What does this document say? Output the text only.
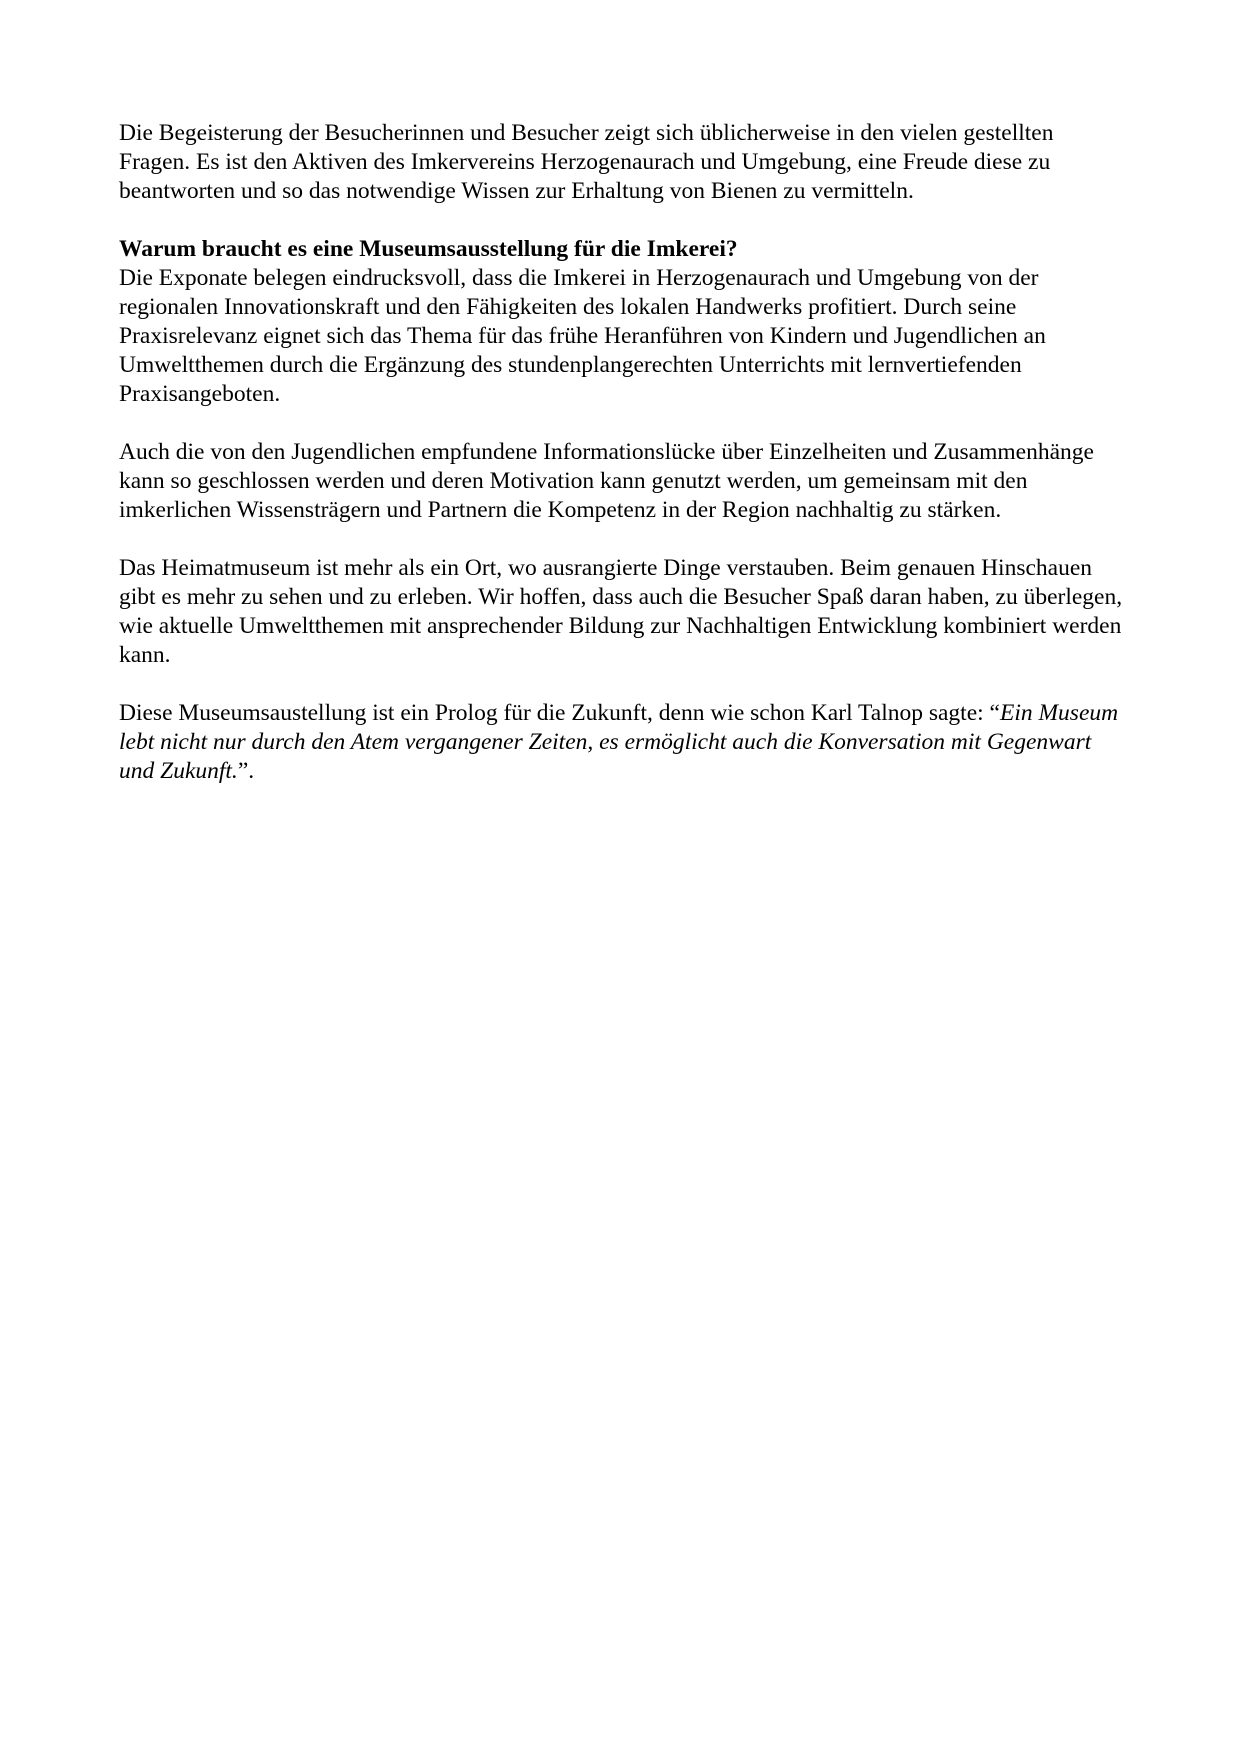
Die Begeisterung der Besucherinnen und Besucher zeigt sich üblicherweise in den vielen gestellten Fragen. Es ist den Aktiven des Imkervereins Herzogenaurach und Umgebung, eine Freude diese zu beantworten und so das notwendige Wissen zur Erhaltung von Bienen zu vermitteln.

Warum braucht es eine Museumsausstellung für die Imkerei?

Die Exponate belegen eindrucksvoll, dass die Imkerei in Herzogenaurach und Umgebung von der regionalen Innovationskraft und den Fähigkeiten des lokalen Handwerks profitiert. Durch seine Praxisrelevanz eignet sich das Thema für das frühe Heranführen von Kindern und Jugendlichen an Umweltthemen durch die Ergänzung des stundenplangerechten Unterrichts mit lernvertiefenden Praxisangeboten.

Auch die von den Jugendlichen empfundene Informationslücke über Einzelheiten und Zusammenhänge kann so geschlossen werden und deren Motivation kann genutzt werden, um gemeinsam mit den imkerlichen Wissensträgern und Partnern die Kompetenz in der Region nachhaltig zu stärken.

Das Heimatmuseum ist mehr als ein Ort, wo ausrangierte Dinge verstauben. Beim genauen Hinschauen gibt es mehr zu sehen und zu erleben. Wir hoffen, dass auch die Besucher Spaß daran haben, zu überlegen, wie aktuelle Umweltthemen mit ansprechender Bildung zur Nachhaltigen Entwicklung kombiniert werden kann.

Diese Museumsaustellung ist ein Prolog für die Zukunft, denn wie schon Karl Talnop sagte: “Ein Museum lebt nicht nur durch den Atem vergangener Zeiten, es ermöglicht auch die Konversation mit Gegenwart und Zukunft.”.
